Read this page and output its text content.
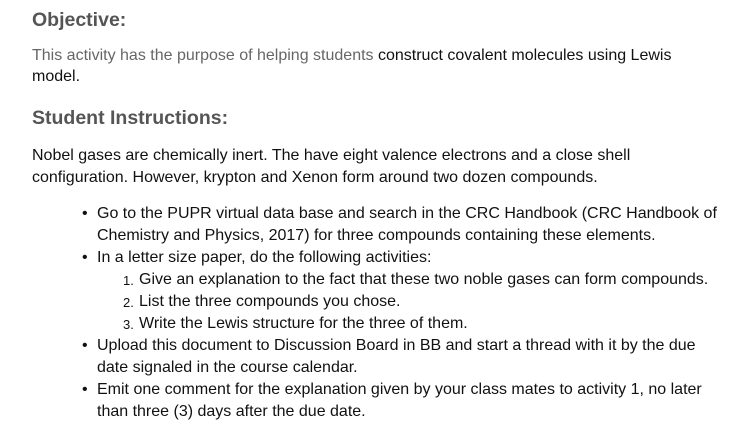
Objective:

This activity has the purpose of helping students construct covalent molecules using Lewis model.

Student Instructions:

Nobel gases are chemically inert. The have eight valence electrons and a close shell configuration. However, krypton and Xenon form around two dozen compounds.

• Go to the PUPR virtual data base and search in the CRC Handbook (CRC Handbook of Chemistry and Physics, 2017) for three compounds containing these elements.
• In a letter size paper, do the following activities:
1. Give an explanation to the fact that these two noble gases can form compounds.
2. List the three compounds you chose.
3. Write the Lewis structure for the three of them.
• Upload this document to Discussion Board in BB and start a thread with it by the due date signaled in the course calendar.
• Emit one comment for the explanation given by your class mates to activity 1, no later than three (3) days after the due date.
